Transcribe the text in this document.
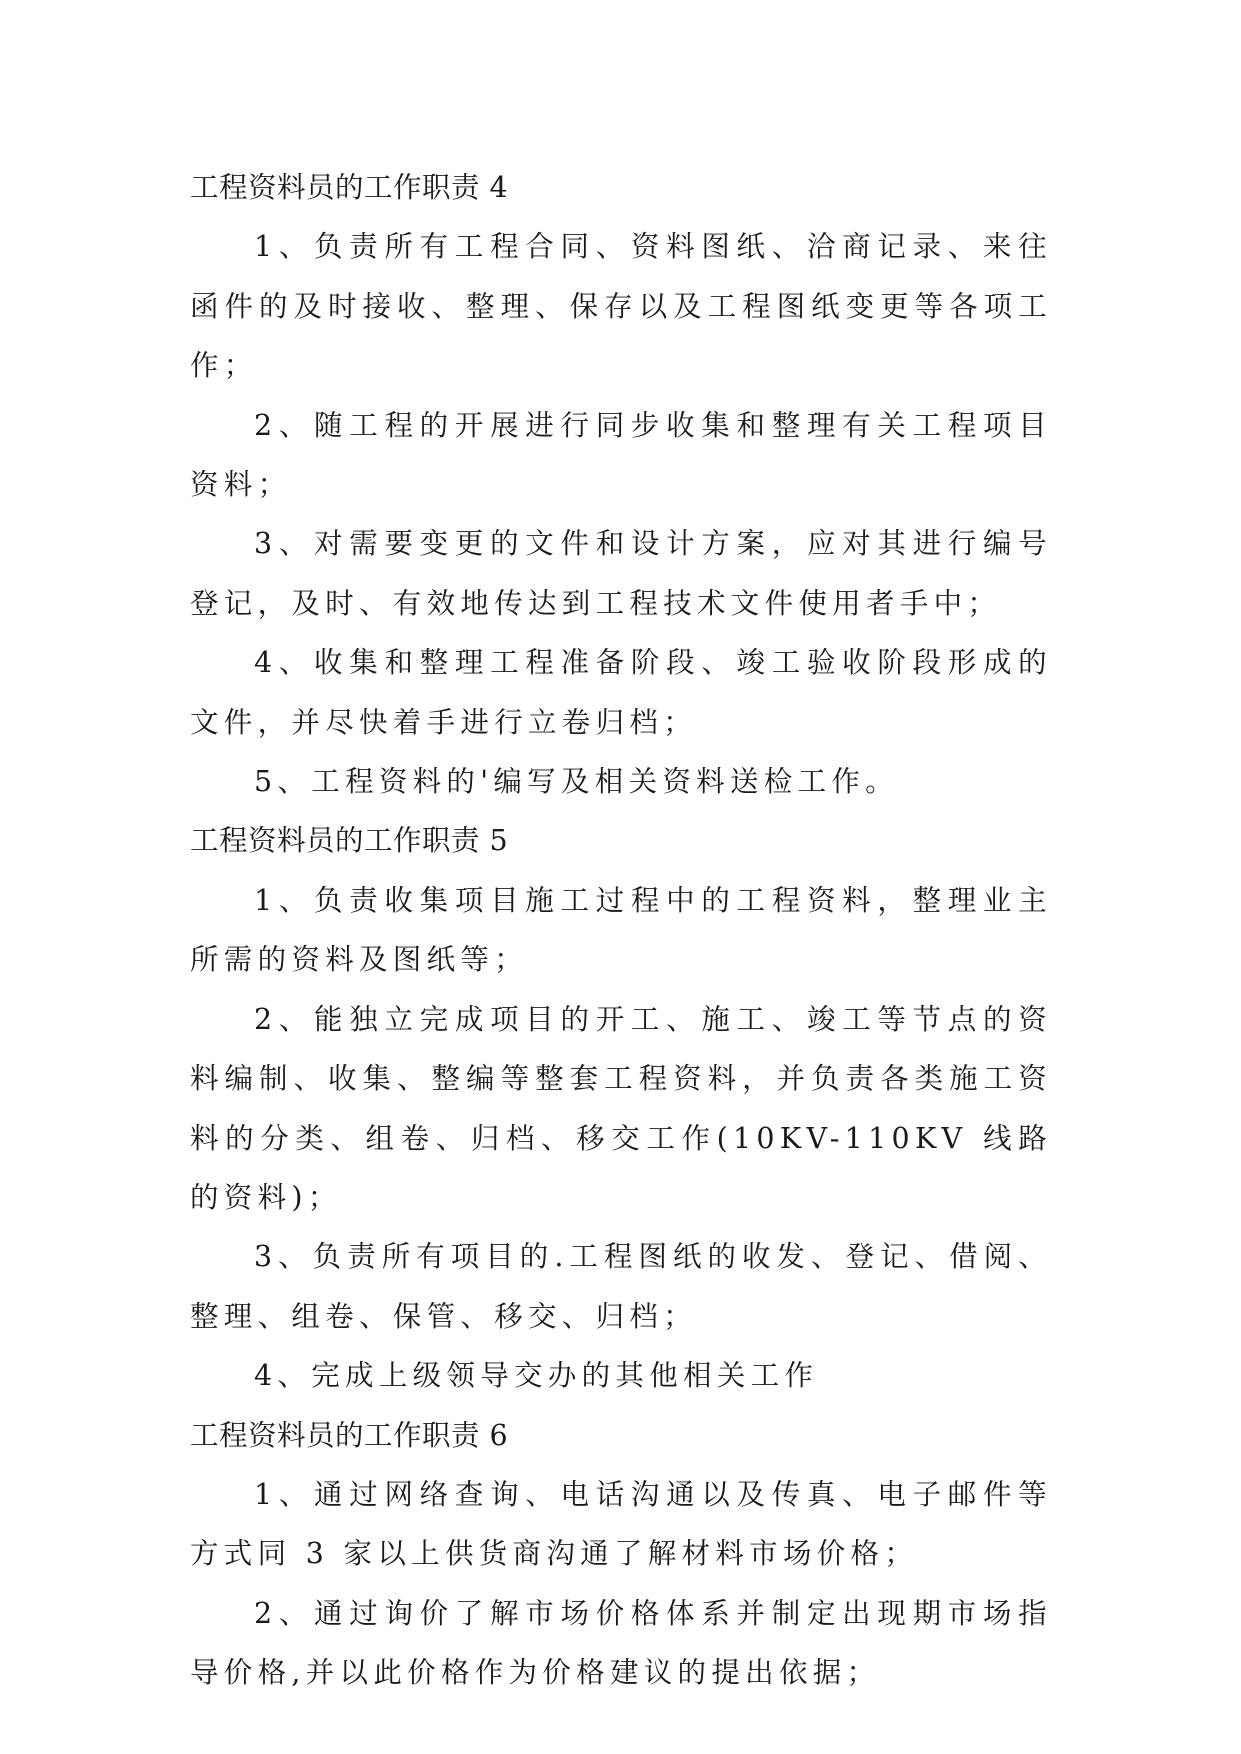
工程资料员的工作职责 4

1、负责所有工程合同、资料图纸、洽商记录、来往函件的及时接收、整理、保存以及工程图纸变更等各项工作；

2、随工程的开展进行同步收集和整理有关工程项目资料；

3、对需要变更的文件和设计方案，应对其进行编号登记，及时、有效地传达到工程技术文件使用者手中；

4、收集和整理工程准备阶段、竣工验收阶段形成的文件，并尽快着手进行立卷归档；

5、工程资料的'编写及相关资料送检工作。

工程资料员的工作职责 5

1、负责收集项目施工过程中的工程资料，整理业主所需的资料及图纸等；

2、能独立完成项目的开工、施工、竣工等节点的资料编制、收集、整编等整套工程资料，并负责各类施工资料的分类、组卷、归档、移交工作(10KV-110KV 线路的资料)；

3、负责所有项目的.工程图纸的收发、登记、借阅、整理、组卷、保管、移交、归档；

4、完成上级领导交办的其他相关工作

工程资料员的工作职责 6

1、通过网络查询、电话沟通以及传真、电子邮件等方式同 3 家以上供货商沟通了解材料市场价格；

2、通过询价了解市场价格体系并制定出现期市场指导价格,并以此价格作为价格建议的提出依据；
